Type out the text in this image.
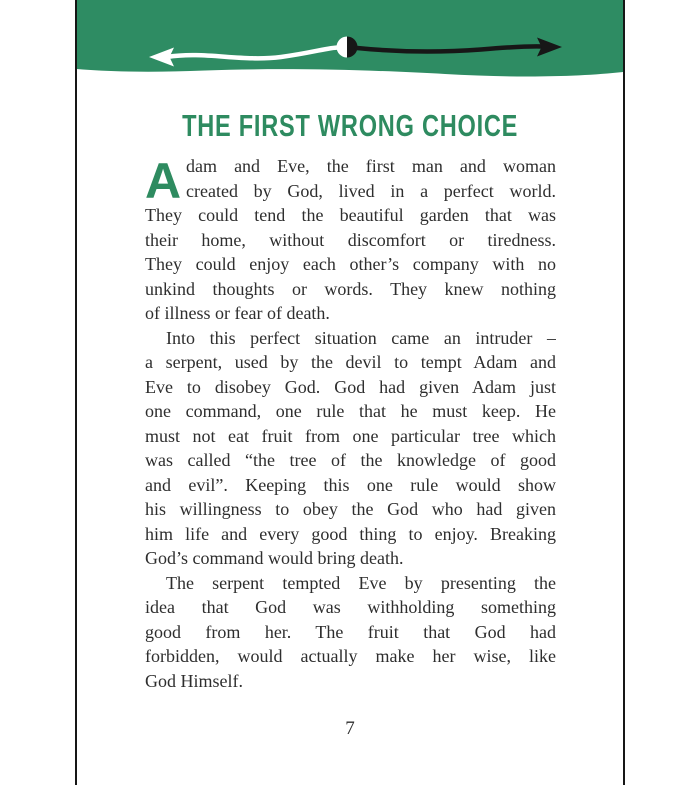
THE FIRST WRONG CHOICE
A dam and Eve, the first man and woman
created by God, lived in a perfect world.
They could tend the beautiful garden that was
their home, without discomfort or tiredness.
They could enjoy each other’s company with no
unkind thoughts or words. They knew nothing
of illness or fear of death.
Into this perfect situation came an intruder –
a serpent, used by the devil to tempt Adam and
Eve to disobey God. God had given Adam just
one command, one rule that he must keep. He
must not eat fruit from one particular tree which
was called “the tree of the knowledge of good
and evil”. Keeping this one rule would show
his willingness to obey the God who had given
him life and every good thing to enjoy. Breaking
God’s command would bring death.
The serpent tempted Eve by presenting the
idea that God was withholding something
good from her. The fruit that God had
forbidden, would actually make her wise, like
God Himself.
7
